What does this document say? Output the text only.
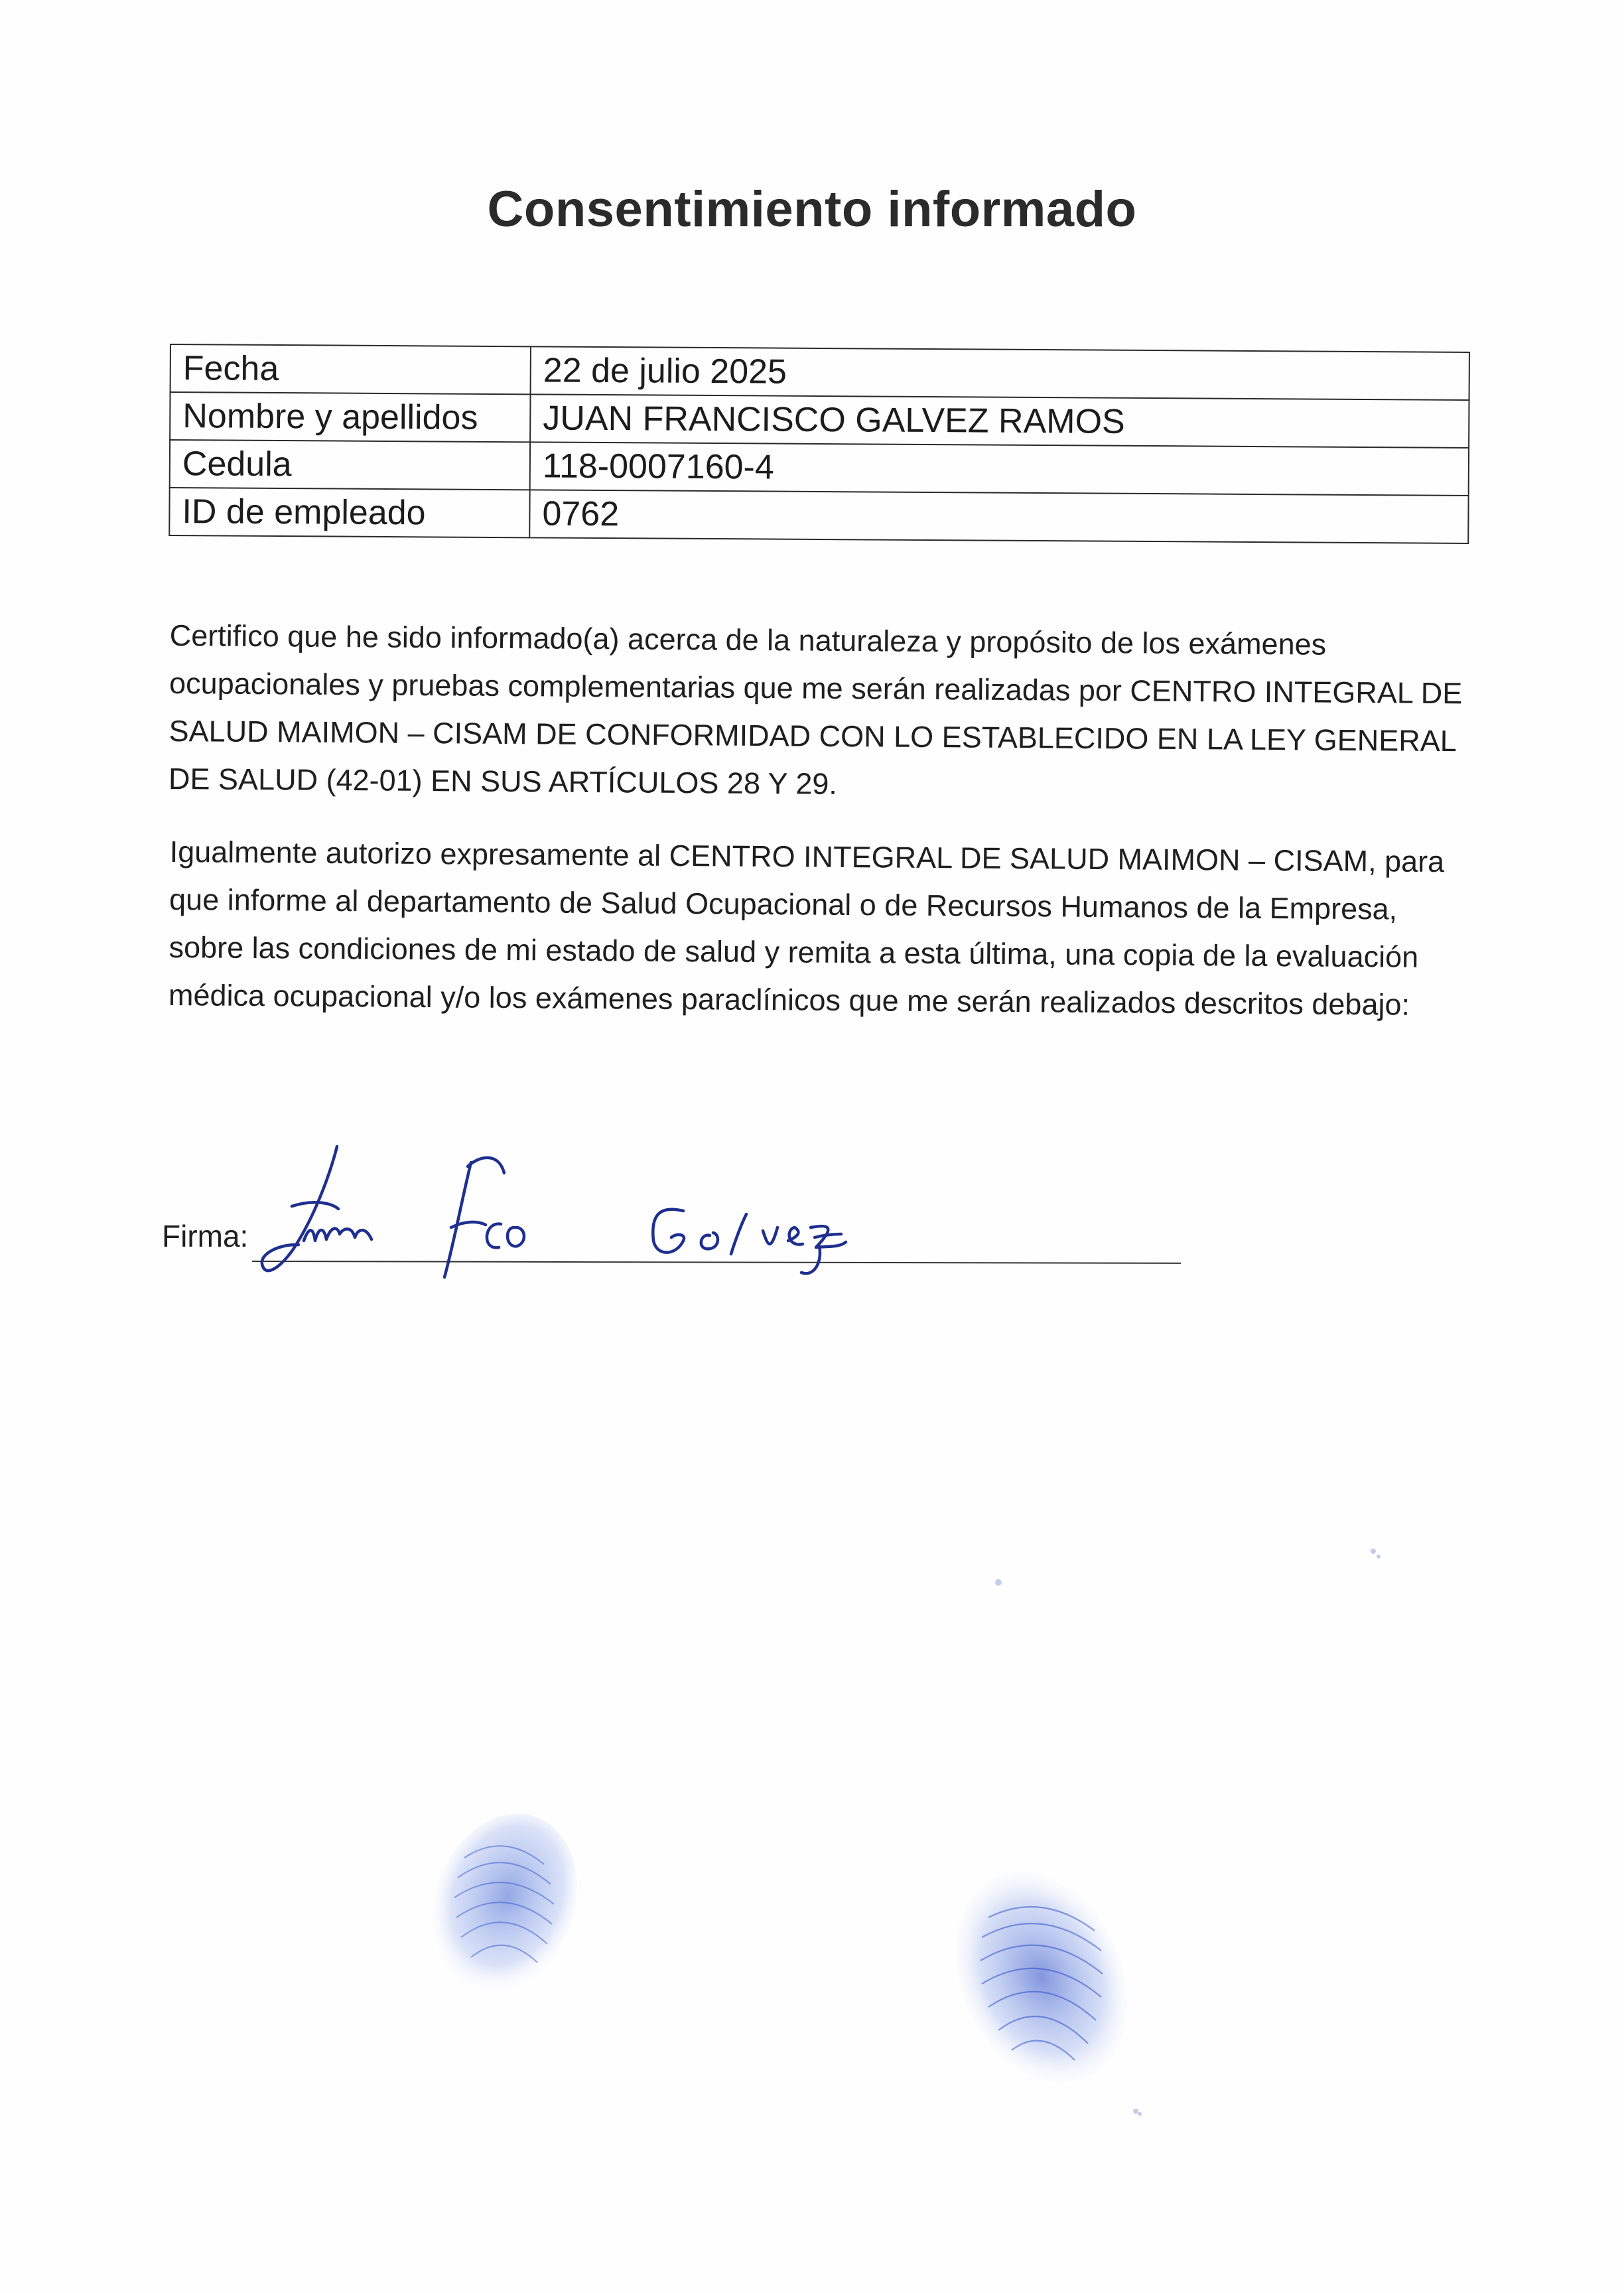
Consentimiento informado
Fecha	22 de julio 2025
Nombre y apellidos	JUAN FRANCISCO GALVEZ RAMOS
Cedula	118-0007160-4
ID de empleado	0762
Certifico que he sido informado(a) acerca de la naturaleza y propósito de los exámenes ocupacionales y pruebas complementarias que me serán realizadas por CENTRO INTEGRAL DE SALUD MAIMON – CISAM DE CONFORMIDAD CON LO ESTABLECIDO EN LA LEY GENERAL DE SALUD (42-01) EN SUS ARTÍCULOS 28 Y 29.
Igualmente autorizo expresamente al CENTRO INTEGRAL DE SALUD MAIMON – CISAM, para que informe al departamento de Salud Ocupacional o de Recursos Humanos de la Empresa, sobre las condiciones de mi estado de salud y remita a esta última, una copia de la evaluación médica ocupacional y/o los exámenes paraclínicos que me serán realizados descritos debajo:
Firma:
